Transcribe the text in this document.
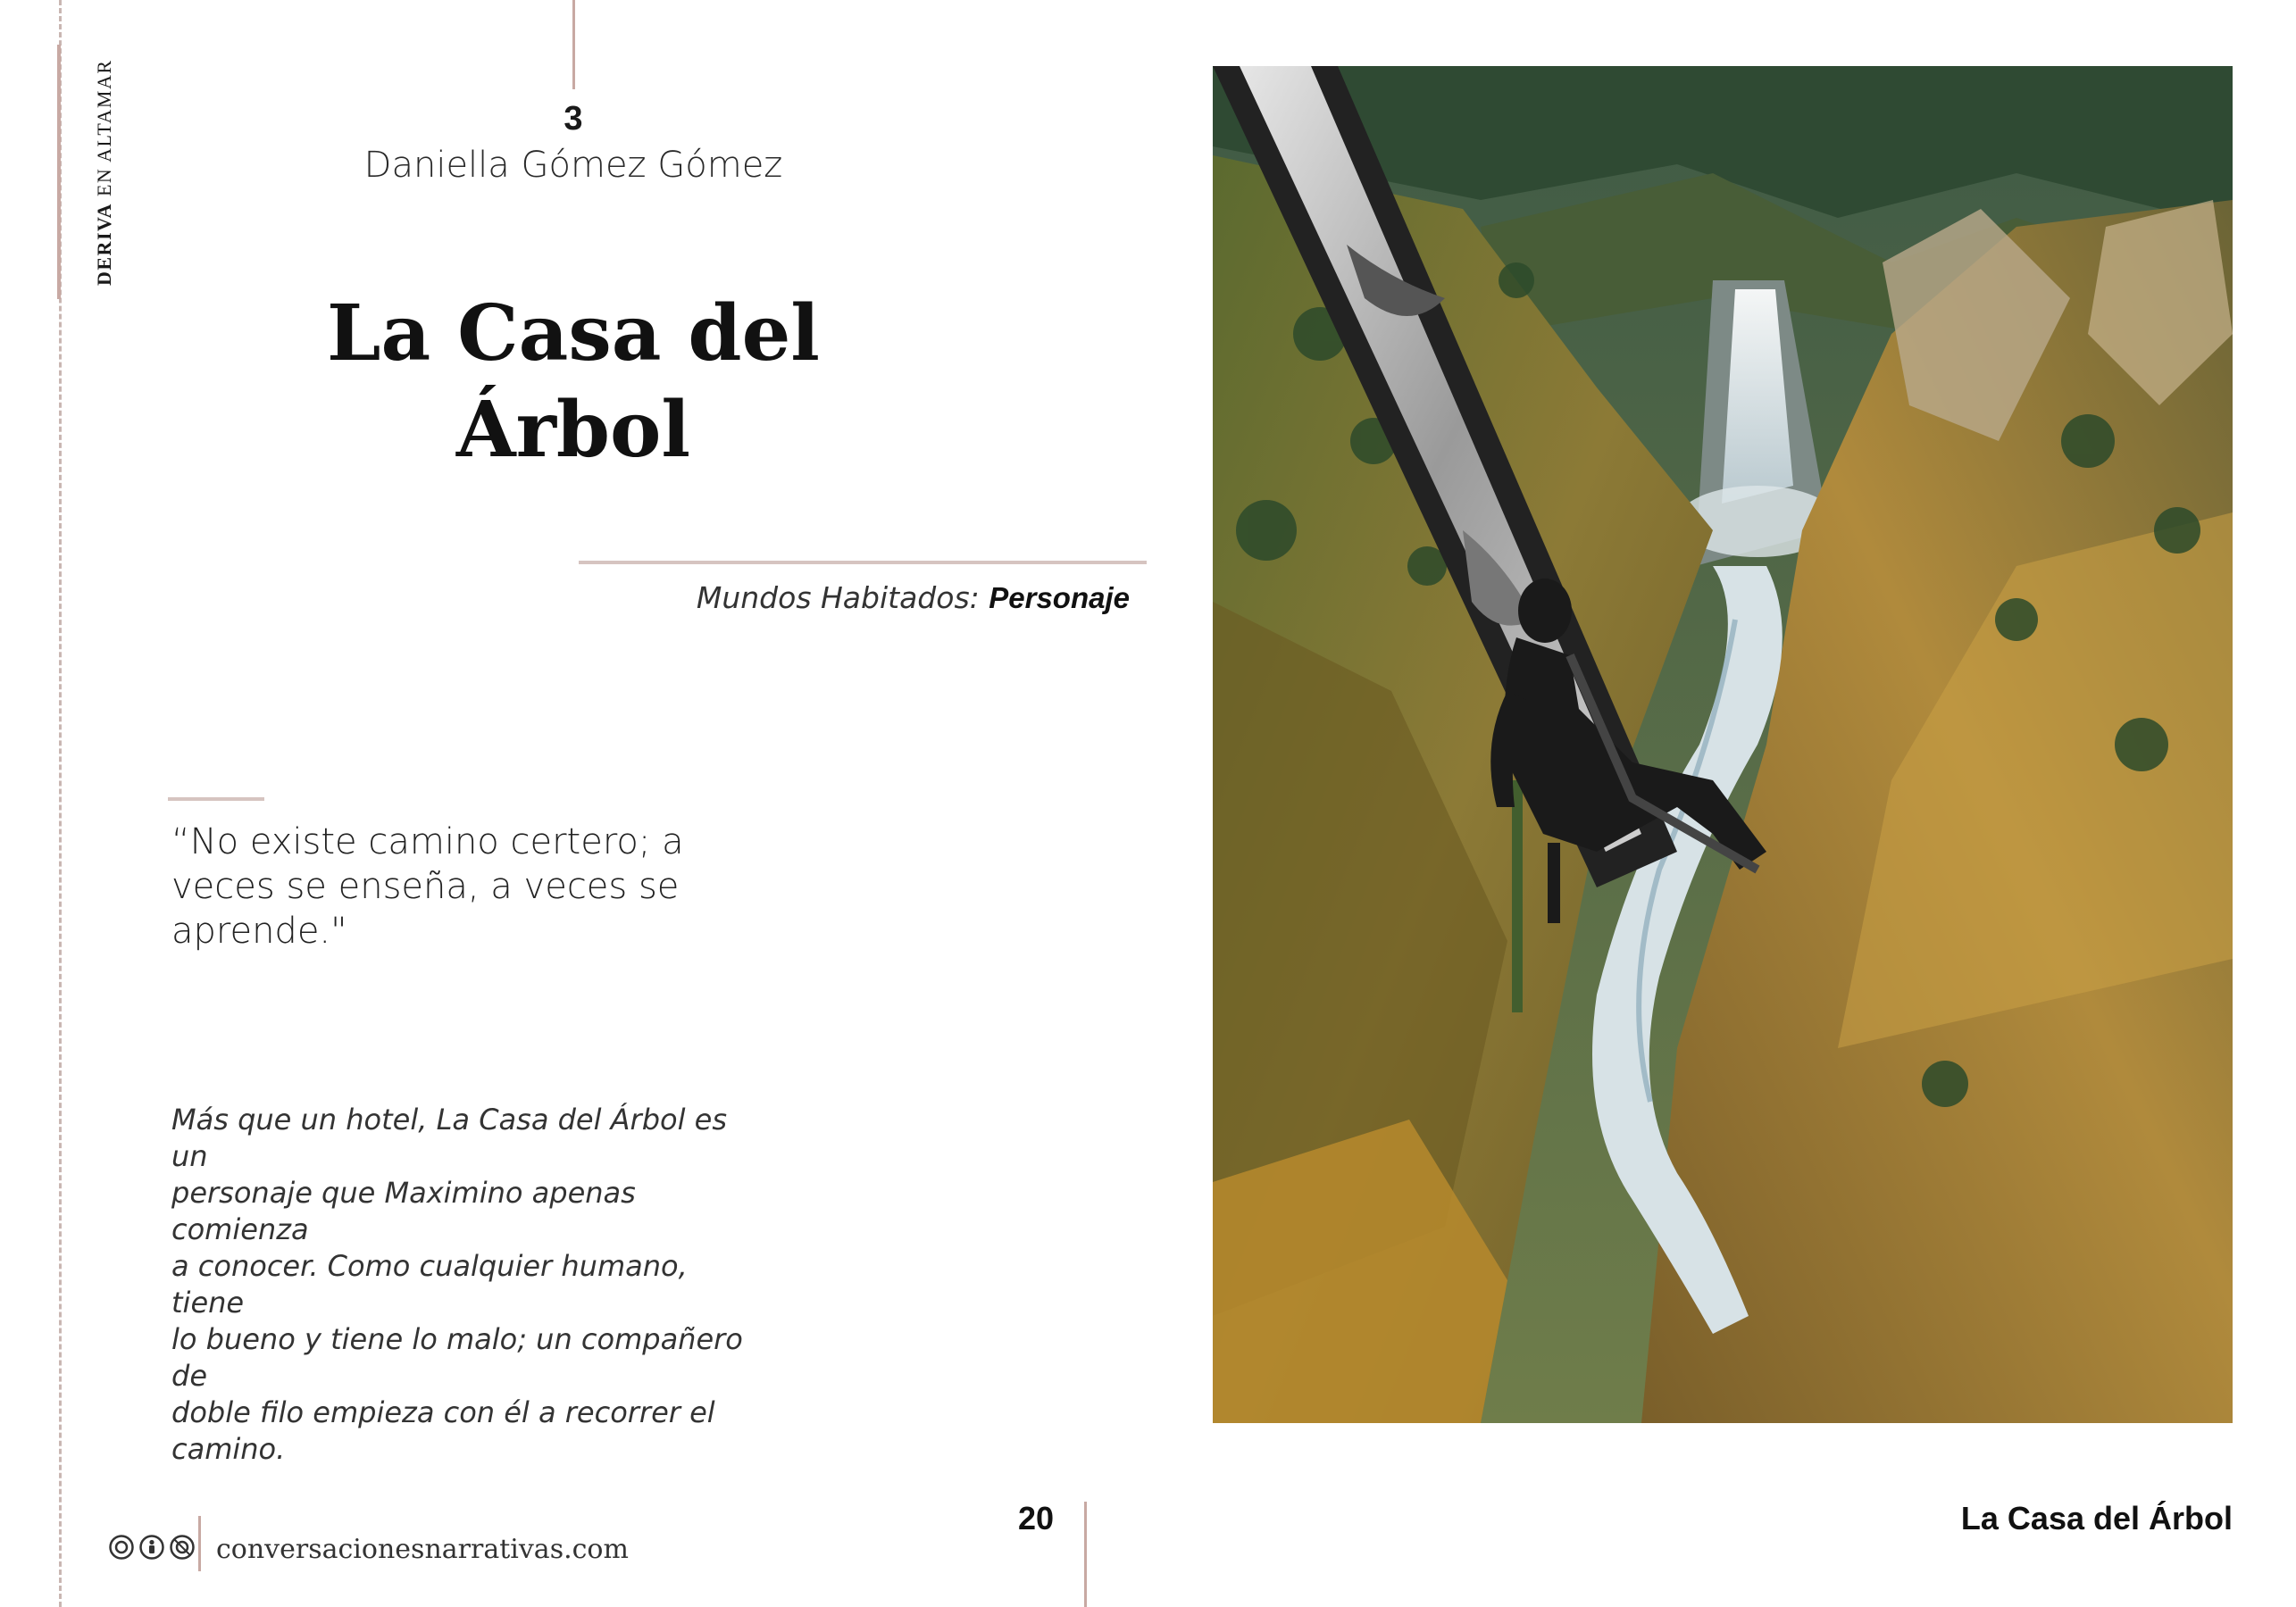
DERIVA EN ALTAMAR	3
Daniella Gómez Gómez
La Casa del
Árbol
Mundos Habitados: Personaje
“No existe camino certero; a
veces se enseña, a veces se
aprende."
Más que un hotel, La Casa del Árbol es un
personaje que Maximino apenas comienza
a conocer. Como cualquier humano, tiene
lo bueno y tiene lo malo; un compañero de
doble filo empieza con él a recorrer el
camino.
conversacionesnarrativas.com
20	La Casa del Árbol
